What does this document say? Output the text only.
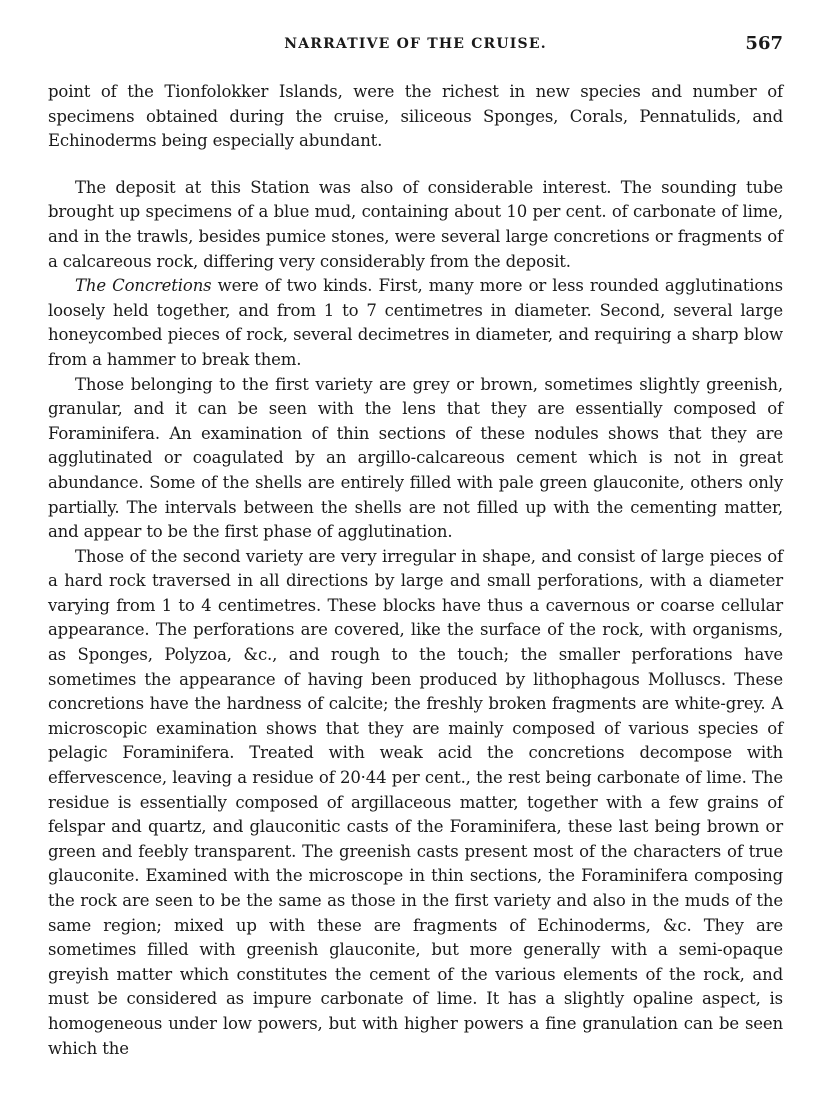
NARRATIVE OF THE CRUISE.	567

point of the Tionfolokker Islands, were the richest in new species and number of specimens obtained during the cruise, siliceous Sponges, Corals, Pennatulids, and Echinoderms being especially abundant.

The deposit at this Station was also of considerable interest. The sounding tube brought up specimens of a blue mud, containing about 10 per cent. of carbonate of lime, and in the trawls, besides pumice stones, were several large concretions or fragments of a calcareous rock, differing very considerably from the deposit.

The Concretions were of two kinds. First, many more or less rounded agglutinations loosely held together, and from 1 to 7 centimetres in diameter. Second, several large honeycombed pieces of rock, several decimetres in diameter, and requiring a sharp blow from a hammer to break them.

Those belonging to the first variety are grey or brown, sometimes slightly greenish, granular, and it can be seen with the lens that they are essentially composed of Foraminifera. An examination of thin sections of these nodules shows that they are agglutinated or coagulated by an argillo-calcareous cement which is not in great abundance. Some of the shells are entirely filled with pale green glauconite, others only partially. The intervals between the shells are not filled up with the cementing matter, and appear to be the first phase of agglutination.

Those of the second variety are very irregular in shape, and consist of large pieces of a hard rock traversed in all directions by large and small perforations, with a diameter varying from 1 to 4 centimetres. These blocks have thus a cavernous or coarse cellular appearance. The perforations are covered, like the surface of the rock, with organisms, as Sponges, Polyzoa, &c., and rough to the touch; the smaller perforations have sometimes the appearance of having been produced by lithophagous Molluscs. These concretions have the hardness of calcite; the freshly broken fragments are white-grey. A microscopic examination shows that they are mainly composed of various species of pelagic Foraminifera. Treated with weak acid the concretions decompose with effervescence, leaving a residue of 20·44 per cent., the rest being carbonate of lime. The residue is essentially composed of argillaceous matter, together with a few grains of felspar and quartz, and glauconitic casts of the Foraminifera, these last being brown or green and feebly transparent. The greenish casts present most of the characters of true glauconite. Examined with the microscope in thin sections, the Foraminifera composing the rock are seen to be the same as those in the first variety and also in the muds of the same region; mixed up with these are fragments of Echinoderms, &c. They are sometimes filled with greenish glauconite, but more generally with a semi-opaque greyish matter which constitutes the cement of the various elements of the rock, and must be considered as impure carbonate of lime. It has a slightly opaline aspect, is homogeneous under low powers, but with higher powers a fine granulation can be seen which the
